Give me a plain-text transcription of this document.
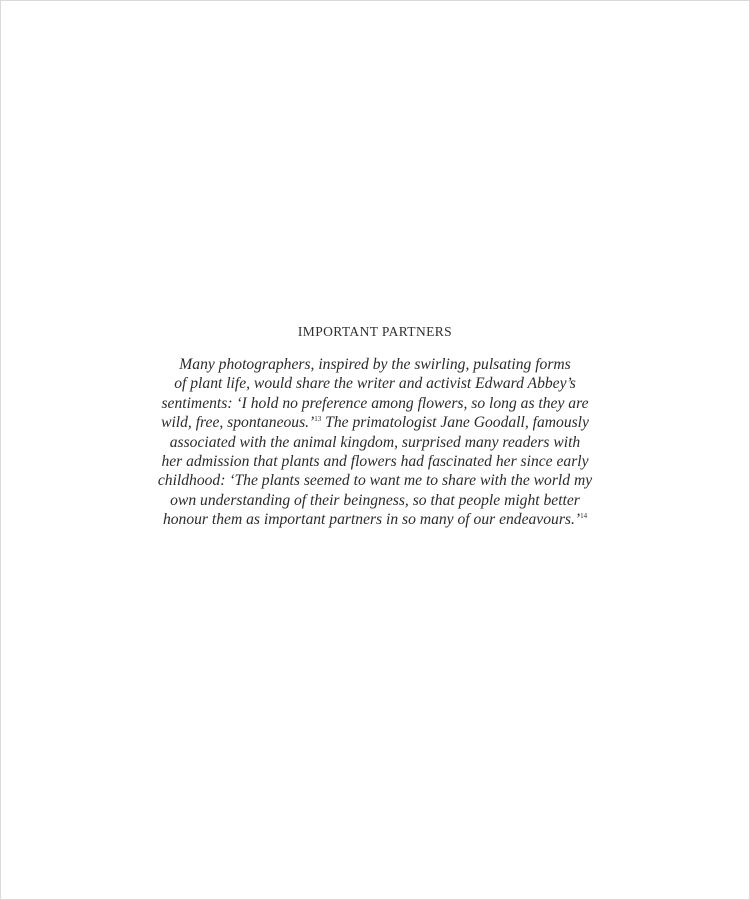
IMPORTANT PARTNERS
Many photographers, inspired by the swirling, pulsating forms
of plant life, would share the writer and activist Edward Abbey’s
sentiments: ‘I hold no preference among flowers, so long as they are
wild, free, spontaneous.’$^{13}$ The primatologist Jane Goodall, famously
associated with the animal kingdom, surprised many readers with
her admission that plants and flowers had fascinated her since early
childhood: ‘The plants seemed to want me to share with the world my
own understanding of their beingness, so that people might better
honour them as important partners in so many of our endeavours.’$^{14}$
